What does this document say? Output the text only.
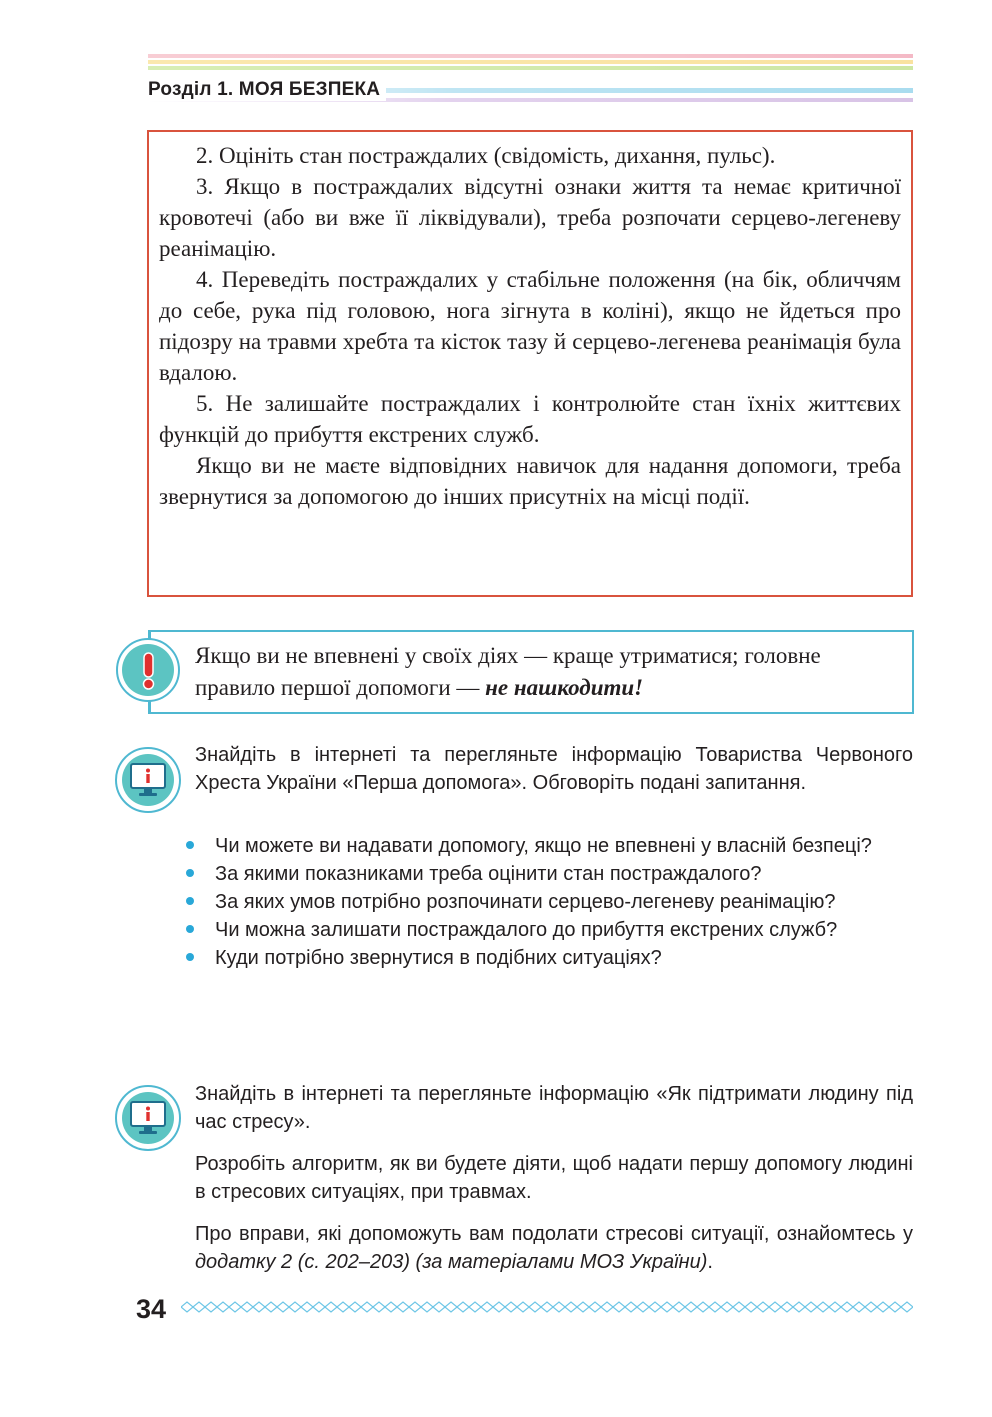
Розділ 1. МОЯ БЕЗПЕКА

2. Оцініть стан постраждалих (свідомість, дихання, пульс).

3. Якщо в постраждалих відсутні ознаки життя та немає критичної кровотечі (або ви вже її ліквідували), треба розпочати серцево-легеневу реанімацію.

4. Переведіть постраждалих у стабільне положення (на бік, обличчям до себе, рука під головою, нога зігнута в коліні), якщо не йдеться про підозру на травми хребта та кісток тазу й серцево-легенева реанімація була вдалою.

5. Не залишайте постраждалих і контролюйте стан їхніх життєвих функцій до прибуття екстрених служб.

Якщо ви не маєте відповідних навичок для надання допомоги, треба звернутися за допомогою до інших присутніх на місці події.

Якщо ви не впевнені у своїх діях — краще утриматися; головне правило першої допомоги — не нашкодити!
Знайдіть в інтернеті та перегляньте інформацію Товариства Червоного Хреста України «Перша допомога». Обговоріть подані запитання.
Чи можете ви надавати допомогу, якщо не впевнені у власній безпеці?
За якими показниками треба оцінити стан постраждалого?
За яких умов потрібно розпочинати серцево-легеневу реанімацію?
Чи можна залишати постраждалого до прибуття екстрених служб?
Куди потрібно звернутися в подібних ситуаціях?

Знайдіть в інтернеті та перегляньте інформацію «Як підтримати людину під час стресу».

Розробіть алгоритм, як ви будете діяти, щоб надати першу допомогу людині в стресових ситуаціях, при травмах.

Про вправи, які допоможуть вам подолати стресові ситуації, ознайомтесь у додатку 2 (с. 202–203) (за матеріалами МОЗ України).

34
